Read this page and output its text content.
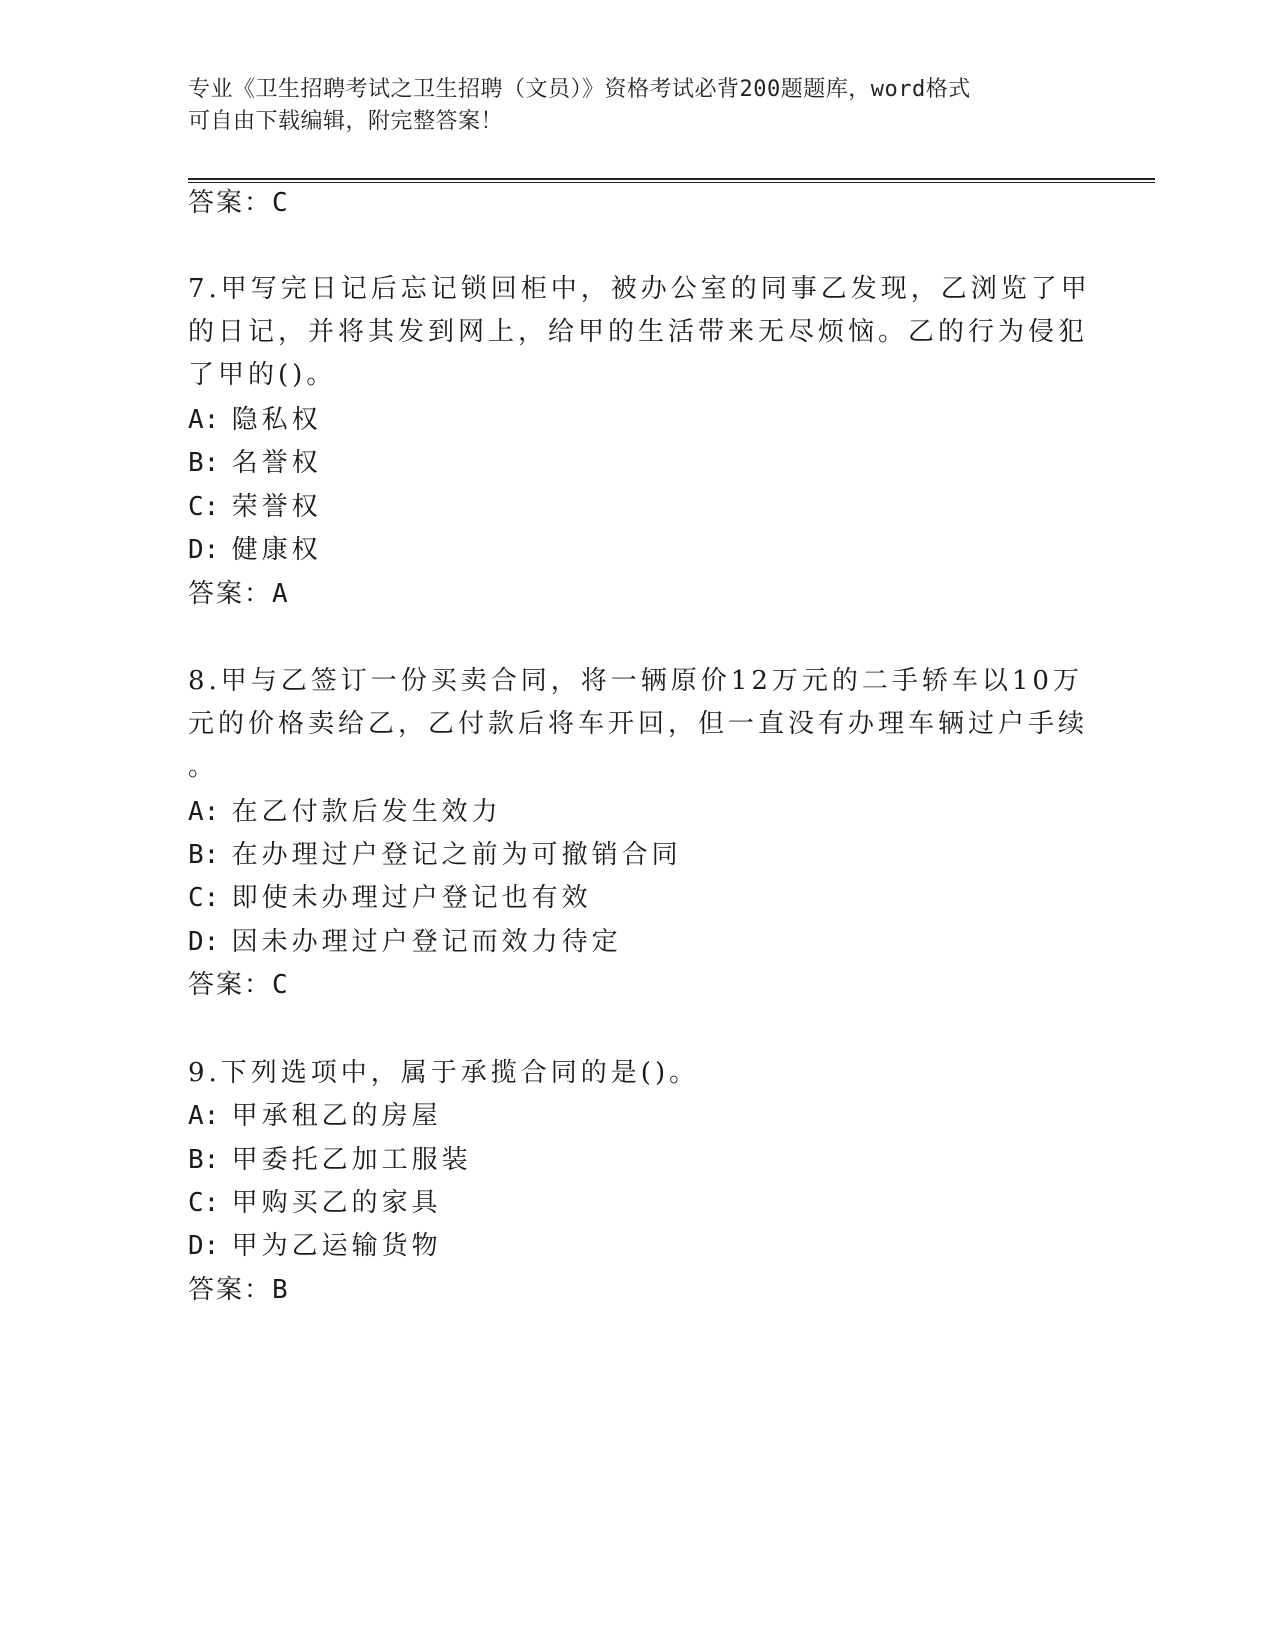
专业《卫生招聘考试之卫生招聘（文员）》资格考试必背200题题库，word格式
可自由下载编辑，附完整答案！
答案：C
7.甲写完日记后忘记锁回柜中，被办公室的同事乙发现，乙浏览了甲
的日记，并将其发到网上，给甲的生活带来无尽烦恼。乙的行为侵犯
了甲的()。
A: 隐私权
B: 名誉权
C: 荣誉权
D: 健康权
答案：A
8.甲与乙签订一份买卖合同，将一辆原价12万元的二手轿车以10万
元的价格卖给乙，乙付款后将车开回，但一直没有办理车辆过户手续
。
A: 在乙付款后发生效力
B: 在办理过户登记之前为可撤销合同
C: 即使未办理过户登记也有效
D: 因未办理过户登记而效力待定
答案：C
9.下列选项中，属于承揽合同的是()。
A: 甲承租乙的房屋
B: 甲委托乙加工服装
C: 甲购买乙的家具
D: 甲为乙运输货物
答案：B
